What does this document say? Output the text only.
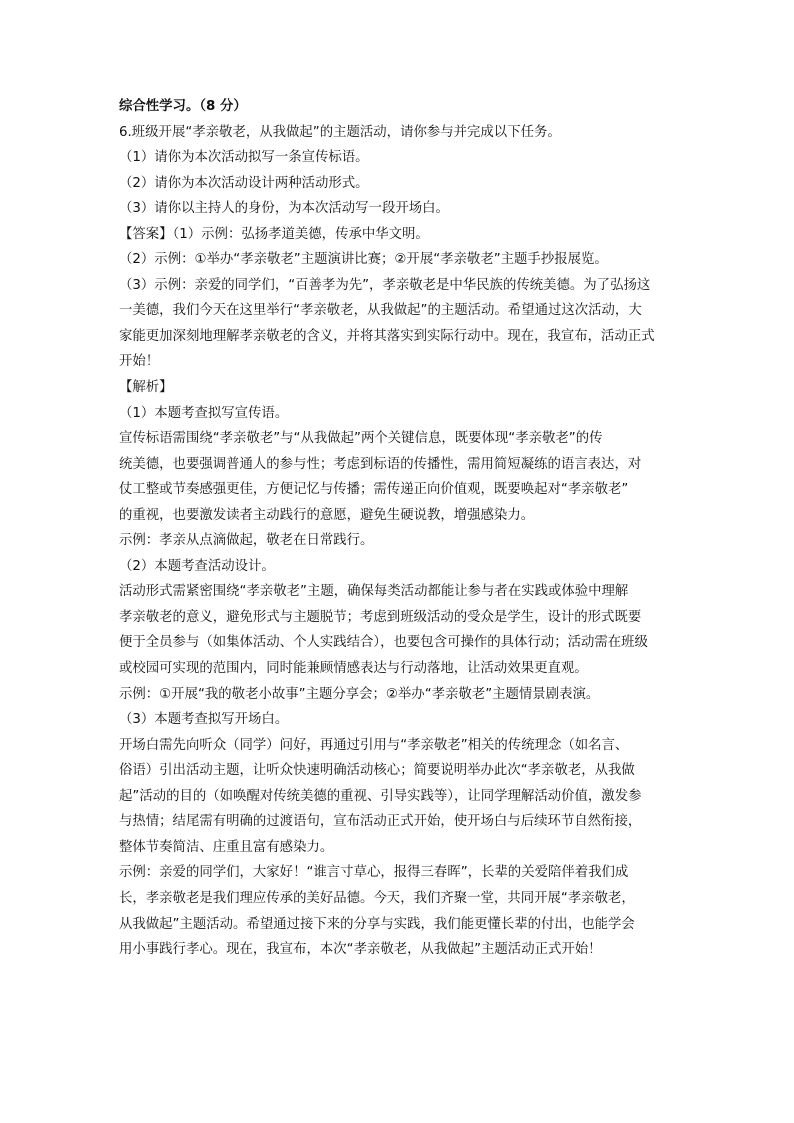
综合性学习。（8 分）
6.班级开展“孝亲敬老，从我做起”的主题活动，请你参与并完成以下任务。
（1）请你为本次活动拟写一条宣传标语。
（2）请你为本次活动设计两种活动形式。
（3）请你以主持人的身份，为本次活动写一段开场白。
【答案】（1）示例：弘扬孝道美德，传承中华文明。
（2）示例：①举办“孝亲敬老”主题演讲比赛；②开展“孝亲敬老”主题手抄报展览。
（3）示例：亲爱的同学们，“百善孝为先”，孝亲敬老是中华民族的传统美德。为了弘扬这
一美德，我们今天在这里举行“孝亲敬老，从我做起”的主题活动。希望通过这次活动，大
家能更加深刻地理解孝亲敬老的含义，并将其落实到实际行动中。现在，我宣布，活动正式
开始！
【解析】
（1）本题考查拟写宣传语。
宣传标语需围绕“孝亲敬老”与“从我做起”两个关键信息，既要体现“孝亲敬老”的传
统美德，也要强调普通人的参与性；考虑到标语的传播性，需用简短凝练的语言表达，对
仗工整或节奏感强更佳，方便记忆与传播；需传递正向价值观，既要唤起对“孝亲敬老”
的重视，也要激发读者主动践行的意愿，避免生硬说教，增强感染力。
示例：孝亲从点滴做起，敬老在日常践行。
（2）本题考查活动设计。
活动形式需紧密围绕“孝亲敬老”主题，确保每类活动都能让参与者在实践或体验中理解
孝亲敬老的意义，避免形式与主题脱节；考虑到班级活动的受众是学生，设计的形式既要
便于全员参与（如集体活动、个人实践结合），也要包含可操作的具体行动；活动需在班级
或校园可实现的范围内，同时能兼顾情感表达与行动落地，让活动效果更直观。
示例：①开展“我的敬老小故事”主题分享会；②举办“孝亲敬老”主题情景剧表演。
（3）本题考查拟写开场白。
开场白需先向听众（同学）问好，再通过引用与“孝亲敬老”相关的传统理念（如名言、
俗语）引出活动主题，让听众快速明确活动核心；简要说明举办此次“孝亲敬老，从我做
起”活动的目的（如唤醒对传统美德的重视、引导实践等），让同学理解活动价值，激发参
与热情；结尾需有明确的过渡语句，宣布活动正式开始，使开场白与后续环节自然衔接，
整体节奏简洁、庄重且富有感染力。
示例：亲爱的同学们，大家好！“谁言寸草心，报得三春晖”，长辈的关爱陪伴着我们成
长，孝亲敬老是我们理应传承的美好品德。今天，我们齐聚一堂，共同开展“孝亲敬老，
从我做起”主题活动。希望通过接下来的分享与实践，我们能更懂长辈的付出，也能学会
用小事践行孝心。现在，我宣布，本次“孝亲敬老，从我做起”主题活动正式开始！
